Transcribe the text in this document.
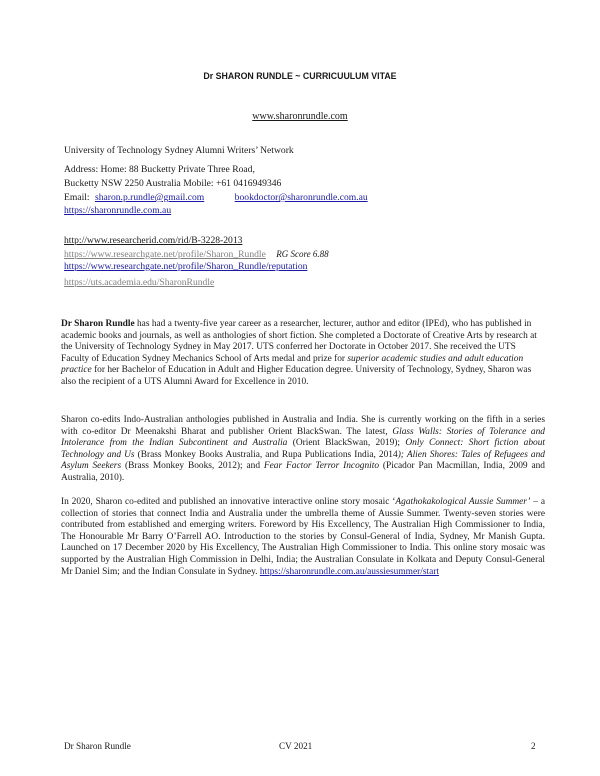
Dr SHARON RUNDLE ~ CURRICUULUM VITAE
www.sharonrundle.com
University of Technology Sydney Alumni Writers’ Network
Address: Home: 88 Bucketty Private Three Road,
Bucketty NSW 2250 Australia Mobile: +61 0416949346
Email: sharon.p.rundle@gmail.com	bookdoctor@sharonrundle.com.au
https://sharonrundle.com.au
http://www.researcherid.com/rid/B-3228-2013
https://www.researchgate.net/profile/Sharon_Rundle RG Score 6.88
https://www.researchgate.net/profile/Sharon_Rundle/reputation
https://uts.academia.edu/SharonRundle
Dr Sharon Rundle has had a twenty-five year career as a researcher, lecturer, author and editor (IPEd), who has published in academic books and journals, as well as anthologies of short fiction. She completed a Doctorate of Creative Arts by research at the University of Technology Sydney in May 2017. UTS conferred her Doctorate in October 2017. She received the UTS Faculty of Education Sydney Mechanics School of Arts medal and prize for superior academic studies and adult education practice for her Bachelor of Education in Adult and Higher Education degree. University of Technology, Sydney, Sharon was also the recipient of a UTS Alumni Award for Excellence in 2010.
Sharon co-edits Indo-Australian anthologies published in Australia and India. She is currently working on the fifth in a series with co-editor Dr Meenakshi Bharat and publisher Orient BlackSwan. The latest, Glass Walls: Stories of Tolerance and Intolerance from the Indian Subcontinent and Australia (Orient BlackSwan, 2019); Only Connect: Short fiction about Technology and Us (Brass Monkey Books Australia, and Rupa Publications India, 2014); Alien Shores: Tales of Refugees and Asylum Seekers (Brass Monkey Books, 2012); and Fear Factor Terror Incognito (Picador Pan Macmillan, India, 2009 and Australia, 2010).
In 2020, Sharon co-edited and published an innovative interactive online story mosaic ‘Agathokakological Aussie Summer’ – a collection of stories that connect India and Australia under the umbrella theme of Aussie Summer. Twenty-seven stories were contributed from established and emerging writers. Foreword by His Excellency, The Australian High Commissioner to India, The Honourable Mr Barry O’Farrell AO. Introduction to the stories by Consul-General of India, Sydney, Mr Manish Gupta. Launched on 17 December 2020 by His Excellency, The Australian High Commissioner to India. This online story mosaic was supported by the Australian High Commission in Delhi, India; the Australian Consulate in Kolkata and Deputy Consul-General Mr Daniel Sim; and the Indian Consulate in Sydney. https://sharonrundle.com.au/aussiesummer/start
Dr Sharon Rundle	CV 2021	2
